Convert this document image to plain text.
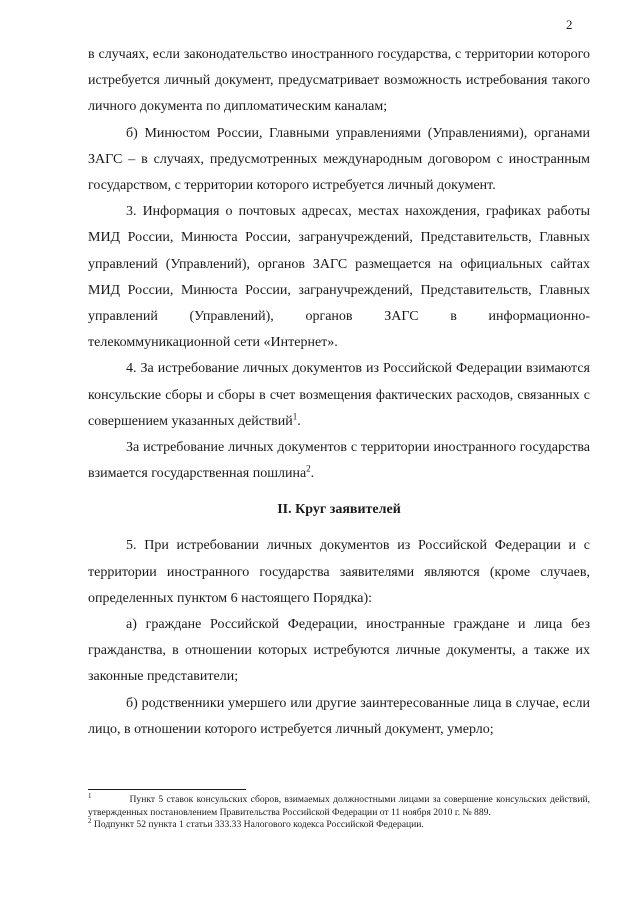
2

в случаях, если законодательство иностранного государства, с территории которого истребуется личный документ, предусматривает возможность истребования такого личного документа по дипломатическим каналам;

б) Минюстом России, Главными управлениями (Управлениями), органами ЗАГС – в случаях, предусмотренных международным договором с иностранным государством, с территории которого истребуется личный документ.

3. Информация о почтовых адресах, местах нахождения, графиках работы МИД России, Минюста России, загранучреждений, Представительств, Главных управлений (Управлений), органов ЗАГС размещается на официальных сайтах МИД России, Минюста России, загранучреждений, Представительств, Главных управлений (Управлений), органов ЗАГС в информационно-телекоммуникационной сети «Интернет».

4. За истребование личных документов из Российской Федерации взимаются консульские сборы и сборы в счет возмещения фактических расходов, связанных с совершением указанных действий$^1$.

За истребование личных документов с территории иностранного государства взимается государственная пошлина$^2$.

II. Круг заявителей

5. При истребовании личных документов из Российской Федерации и с территории иностранного государства заявителями являются (кроме случаев, определенных пунктом 6 настоящего Порядка):

а) граждане Российской Федерации, иностранные граждане и лица без гражданства, в отношении которых истребуются личные документы, а также их законные представители;

б) родственники умершего или другие заинтересованные лица в случае, если лицо, в отношении которого истребуется личный документ, умерло;

$^1$	Пункт 5 ставок консульских сборов, взимаемых должностными лицами за совершение консульских действий, утвержденных постановлением Правительства Российской Федерации от 11 ноября 2010 г. № 889.

$^2$ Подпункт 52 пункта 1 статьи 333.33 Налогового кодекса Российской Федерации.
